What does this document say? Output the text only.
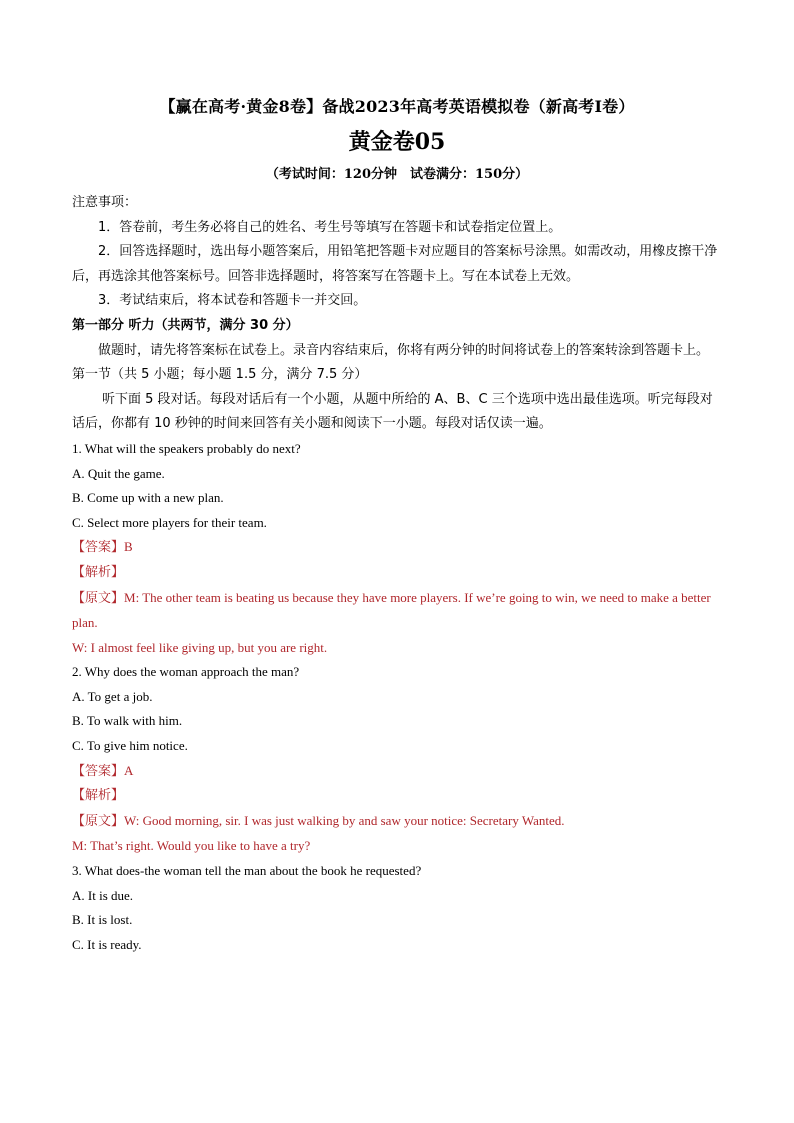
【赢在高考·黄金8卷】备战2023年高考英语模拟卷（新高考I卷）
黄金卷05
（考试时间：120分钟　试卷满分：150分）

注意事项：

1．答卷前，考生务必将自己的姓名、考生号等填写在答题卡和试卷指定位置上。

2．回答选择题时，选出每小题答案后，用铅笔把答题卡对应题目的答案标号涂黑。如需改动，用橡皮擦干净后，再选涂其他答案标号。回答非选择题时，将答案写在答题卡上。写在本试卷上无效。

3．考试结束后，将本试卷和答题卡一并交回。

第一部分 听力（共两节，满分 30 分）

做题时，请先将答案标在试卷上。录音内容结束后，你将有两分钟的时间将试卷上的答案转涂到答题卡上。

第一节（共 5 小题；每小题 1.5 分，满分 7.5 分）

听下面 5 段对话。每段对话后有一个小题，从题中所给的 A、B、C 三个选项中选出最佳选项。听完每段对话后，你都有 10 秒钟的时间来回答有关小题和阅读下一小题。每段对话仅读一遍。

1. What will the speakers probably do next?

A. Quit the game.

B. Come up with a new plan.

C. Select more players for their team.

【答案】B

【解析】

【原文】M: The other team is beating us because they have more players. If we’re going to win, we need to make a better plan.

W: I almost feel like giving up, but you are right.

2. Why does the woman approach the man?

A. To get a job.

B. To walk with him.

C. To give him notice.

【答案】A

【解析】

【原文】W: Good morning, sir. I was just walking by and saw your notice: Secretary Wanted.

M: That’s right. Would you like to have a try?

3. What does-the woman tell the man about the book he requested?

A. It is due.

B. It is lost.

C. It is ready.
